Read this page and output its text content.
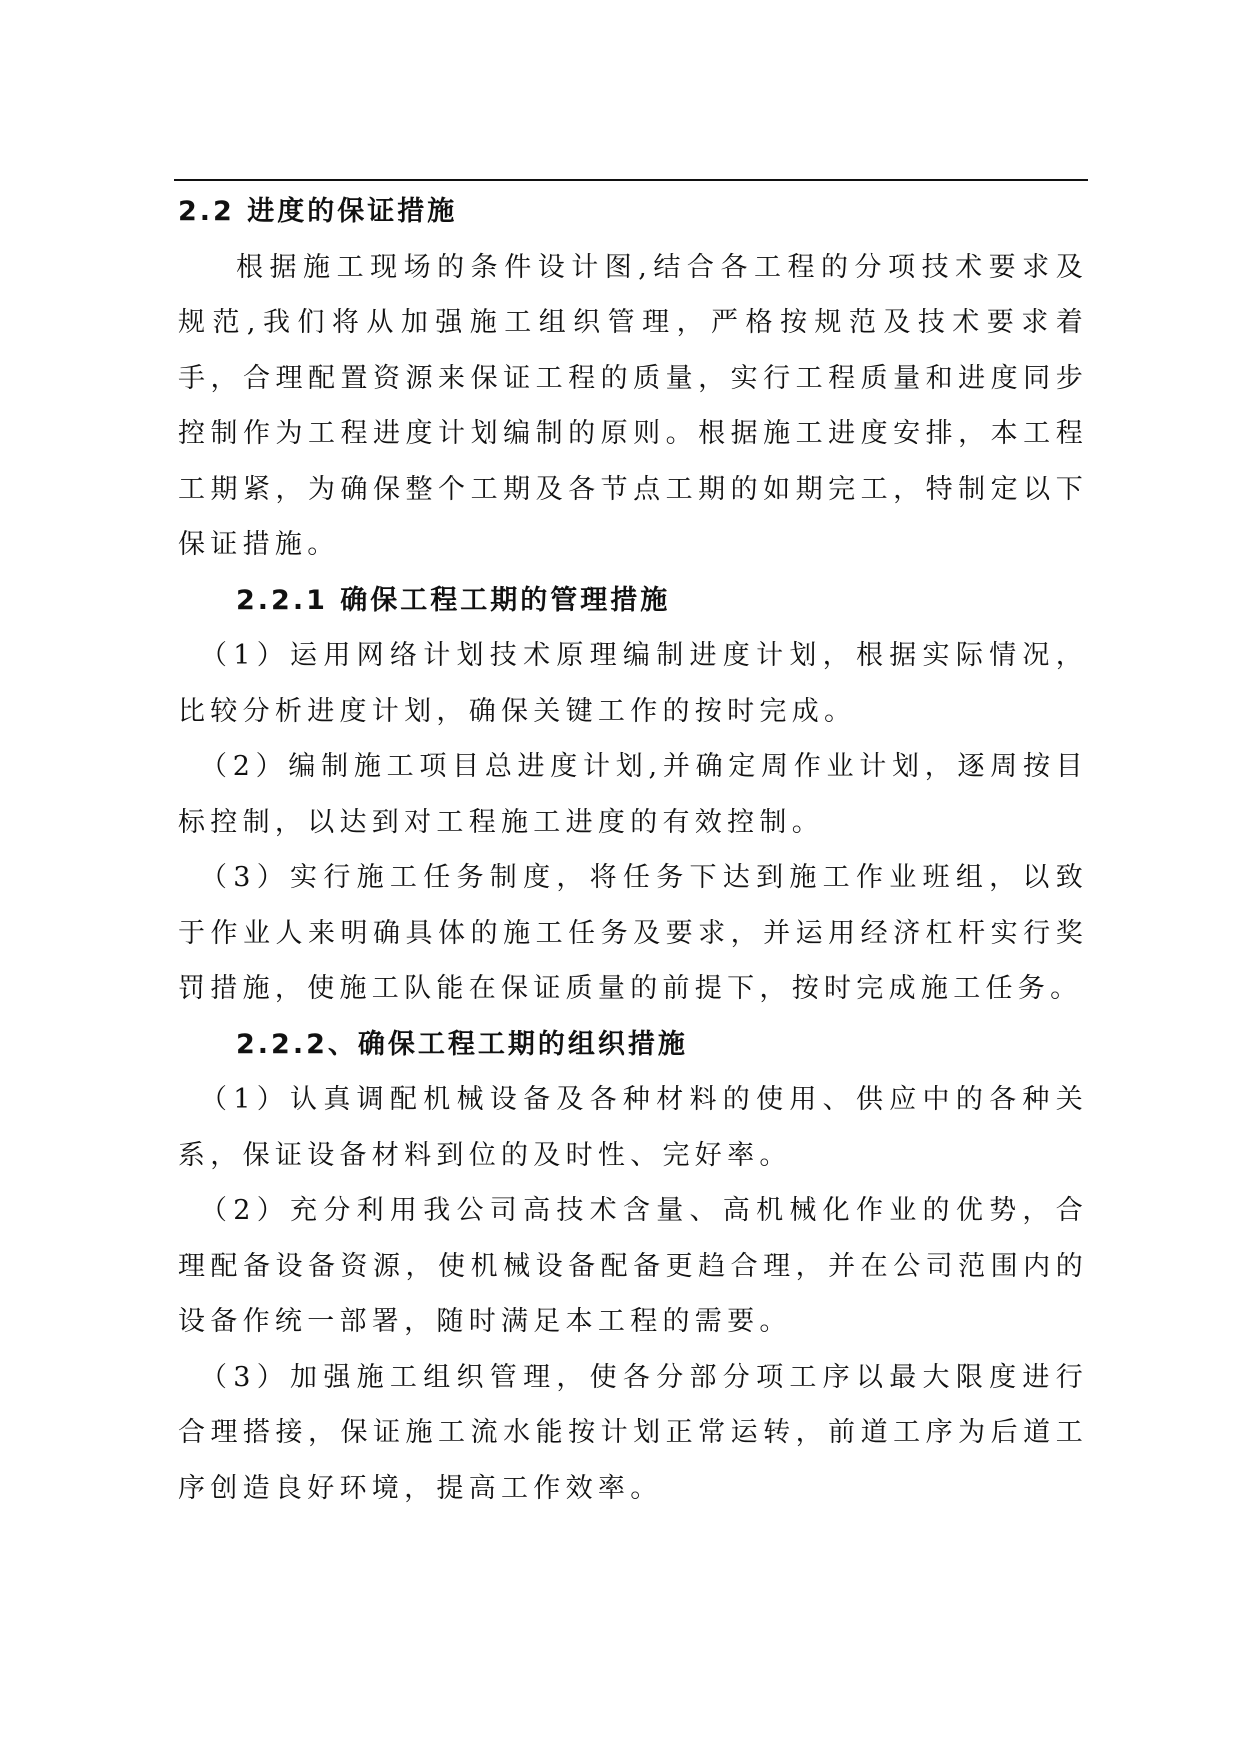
2.2 进度的保证措施

根据施工现场的条件设计图,结合各工程的分项技术要求及规范,我们将从加强施工组织管理，严格按规范及技术要求着手，合理配置资源来保证工程的质量，实行工程质量和进度同步控制作为工程进度计划编制的原则。根据施工进度安排，本工程工期紧，为确保整个工期及各节点工期的如期完工，特制定以下保证措施。

2.2.1 确保工程工期的管理措施

（1）运用网络计划技术原理编制进度计划，根据实际情况，比较分析进度计划，确保关键工作的按时完成。

（2）编制施工项目总进度计划,并确定周作业计划，逐周按目标控制，以达到对工程施工进度的有效控制。

（3）实行施工任务制度，将任务下达到施工作业班组，以致于作业人来明确具体的施工任务及要求，并运用经济杠杆实行奖罚措施，使施工队能在保证质量的前提下，按时完成施工任务。

2.2.2、确保工程工期的组织措施

（1）认真调配机械设备及各种材料的使用、供应中的各种关系，保证设备材料到位的及时性、完好率。

（2）充分利用我公司高技术含量、高机械化作业的优势，合理配备设备资源，使机械设备配备更趋合理，并在公司范围内的设备作统一部署，随时满足本工程的需要。

（3）加强施工组织管理，使各分部分项工序以最大限度进行合理搭接，保证施工流水能按计划正常运转，前道工序为后道工序创造良好环境，提高工作效率。
